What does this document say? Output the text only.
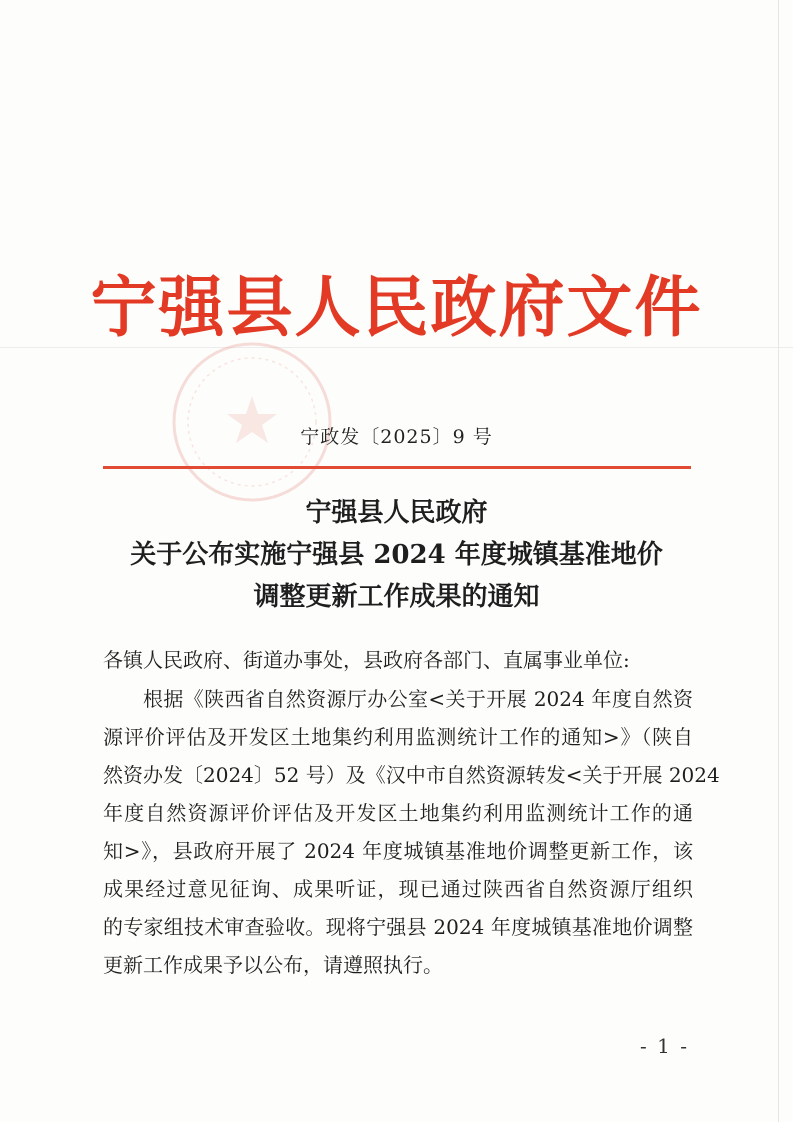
宁强县人民政府文件
宁政发〔2025〕9 号
宁强县人民政府
关于公布实施宁强县 2024 年度城镇基准地价
调整更新工作成果的通知
各镇人民政府、街道办事处，县政府各部门、直属事业单位:
根据《陕西省自然资源厅办公室<关于开展 2024 年度自然资
源评价评估及开发区土地集约利用监测统计工作的通知>》（陕自
然资办发〔2024〕52 号）及《汉中市自然资源转发<关于开展 2024
年度自然资源评价评估及开发区土地集约利用监测统计工作的通
知>》，县政府开展了 2024 年度城镇基准地价调整更新工作，该
成果经过意见征询、成果听证，现已通过陕西省自然资源厅组织
的专家组技术审查验收。现将宁强县 2024 年度城镇基准地价调整
更新工作成果予以公布，请遵照执行。
- 1 -
